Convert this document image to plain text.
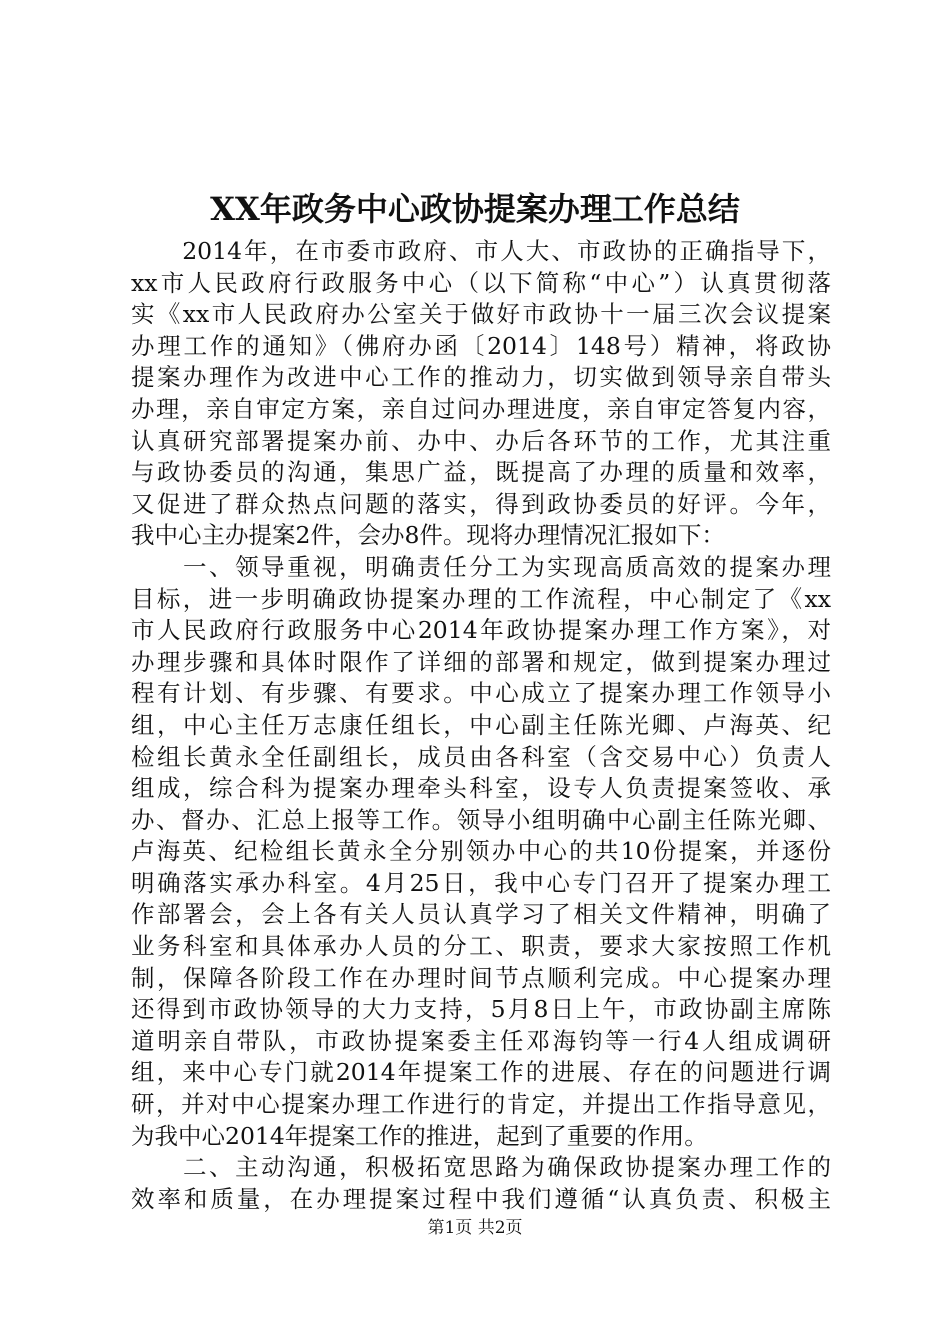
XX年政务中心政协提案办理工作总结
　　2014年，在市委市政府、市人大、市政协的正确指导下，
xx市人民政府行政服务中心（以下简称“中心”）认真贯彻落
实《xx市人民政府办公室关于做好市政协十一届三次会议提案
办理工作的通知》（佛府办函〔2014〕148号）精神，将政协
提案办理作为改进中心工作的推动力，切实做到领导亲自带头
办理，亲自审定方案，亲自过问办理进度，亲自审定答复内容，
认真研究部署提案办前、办中、办后各环节的工作，尤其注重
与政协委员的沟通，集思广益，既提高了办理的质量和效率，
又促进了群众热点问题的落实，得到政协委员的好评。今年，
我中心主办提案2件，会办8件。现将办理情况汇报如下：
　　一、领导重视，明确责任分工为实现高质高效的提案办理
目标，进一步明确政协提案办理的工作流程，中心制定了《xx
市人民政府行政服务中心2014年政协提案办理工作方案》，对
办理步骤和具体时限作了详细的部署和规定，做到提案办理过
程有计划、有步骤、有要求。中心成立了提案办理工作领导小
组，中心主任万志康任组长，中心副主任陈光卿、卢海英、纪
检组长黄永全任副组长，成员由各科室（含交易中心）负责人
组成，综合科为提案办理牵头科室，设专人负责提案签收、承
办、督办、汇总上报等工作。领导小组明确中心副主任陈光卿、
卢海英、纪检组长黄永全分别领办中心的共10份提案，并逐份
明确落实承办科室。4月25日，我中心专门召开了提案办理工
作部署会，会上各有关人员认真学习了相关文件精神，明确了
业务科室和具体承办人员的分工、职责，要求大家按照工作机
制，保障各阶段工作在办理时间节点顺利完成。中心提案办理
还得到市政协领导的大力支持，5月8日上午，市政协副主席陈
道明亲自带队，市政协提案委主任邓海钧等一行4人组成调研
组，来中心专门就2014年提案工作的进展、存在的问题进行调
研，并对中心提案办理工作进行的肯定，并提出工作指导意见，
为我中心2014年提案工作的推进，起到了重要的作用。
　　二、主动沟通，积极拓宽思路为确保政协提案办理工作的
效率和质量，在办理提案过程中我们遵循“认真负责、积极主
第1页 共2页
